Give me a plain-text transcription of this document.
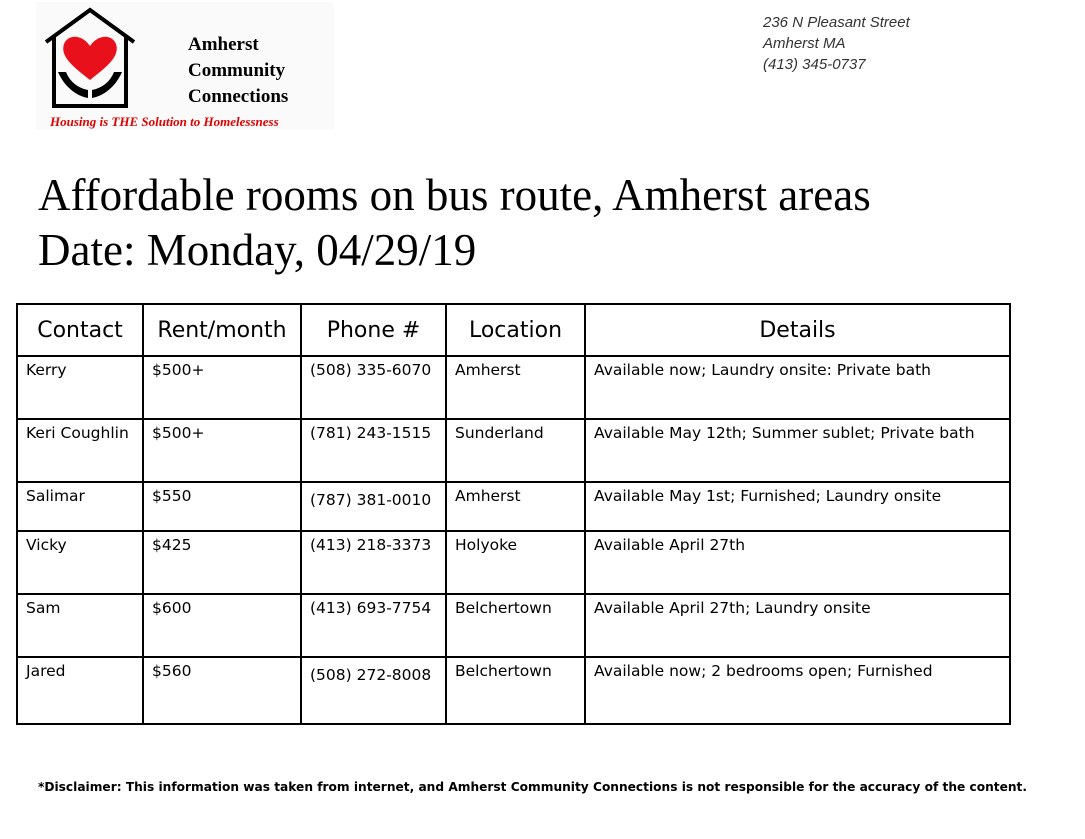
Amherst
Community
Connections
Housing is THE Solution to Homelessness
236 N Pleasant Street
Amherst MA
(413) 345-0737
Affordable rooms on bus route, Amherst areas
Date: Monday, 04/29/19
Contact	Rent/month	Phone #	Location	Details
Kerry	$500+	(508) 335-6070	Amherst	Available now; Laundry onsite: Private bath
Keri Coughlin	$500+	(781) 243-1515	Sunderland	Available May 12th; Summer sublet; Private bath
Salimar	$550	(787) 381-0010	Amherst	Available May 1st; Furnished; Laundry onsite
Vicky	$425	(413) 218-3373	Holyoke	Available April 27th
Sam	$600	(413) 693-7754	Belchertown	Available April 27th; Laundry onsite
Jared	$560	(508) 272-8008	Belchertown	Available now; 2 bedrooms open; Furnished
*Disclaimer: This information was taken from internet, and Amherst Community Connections is not responsible for the accuracy of the content.
